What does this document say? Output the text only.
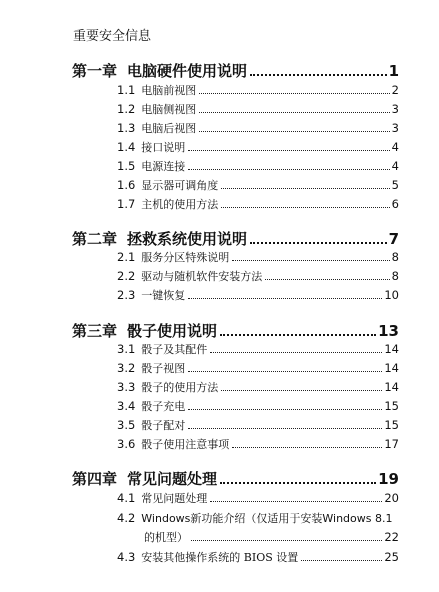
重要安全信息
第一章 电脑硬件使用说明	1
1.1 电脑前视图	2
1.2 电脑侧视图	3
1.3 电脑后视图	3
1.4 接口说明	4
1.5 电源连接	4
1.6 显示器可调角度	5
1.7 主机的使用方法	6
第二章 拯救系统使用说明	7
2.1 服务分区特殊说明	8
2.2 驱动与随机软件安装方法	8
2.3 一键恢复	10
第三章 骰子使用说明	13
3.1 骰子及其配件	14
3.2 骰子视图	14
3.3 骰子的使用方法	14
3.4 骰子充电	15
3.5 骰子配对	15
3.6 骰子使用注意事项	17
第四章 常见问题处理	19
4.1 常见问题处理	20
4.2 Windows新功能介绍（仅适用于安装Windows 8.1
的机型）	22
4.3 安装其他操作系统的 BIOS 设置	25
